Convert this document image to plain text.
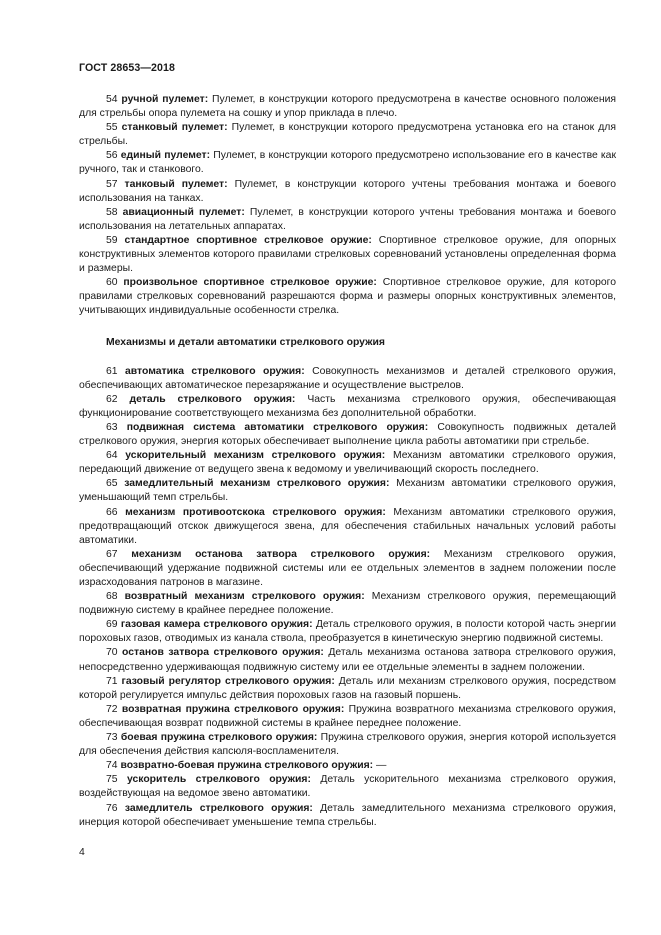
ГОСТ 28653—2018

54 ручной пулемет: Пулемет, в конструкции которого предусмотрена в качестве основного положения для стрельбы опора пулемета на сошку и упор приклада в плечо.

55 станковый пулемет: Пулемет, в конструкции которого предусмотрена установка его на станок для стрельбы.

56 единый пулемет: Пулемет, в конструкции которого предусмотрено использование его в качестве как ручного, так и станкового.

57 танковый пулемет: Пулемет, в конструкции которого учтены требования монтажа и боевого использования на танках.

58 авиационный пулемет: Пулемет, в конструкции которого учтены требования монтажа и боевого использования на летательных аппаратах.

59 стандартное спортивное стрелковое оружие: Спортивное стрелковое оружие, для опорных конструктивных элементов которого правилами стрелковых соревнований установлены определенная форма и размеры.

60 произвольное спортивное стрелковое оружие: Спортивное стрелковое оружие, для которого правилами стрелковых соревнований разрешаются форма и размеры опорных конструктивных элементов, учитывающих индивидуальные особенности стрелка.

Механизмы и детали автоматики стрелкового оружия

61 автоматика стрелкового оружия: Совокупность механизмов и деталей стрелкового оружия, обеспечивающих автоматическое перезаряжание и осуществление выстрелов.

62 деталь стрелкового оружия: Часть механизма стрелкового оружия, обеспечивающая функционирование соответствующего механизма без дополнительной обработки.

63 подвижная система автоматики стрелкового оружия: Совокупность подвижных деталей стрелкового оружия, энергия которых обеспечивает выполнение цикла работы автоматики при стрельбе.

64 ускорительный механизм стрелкового оружия: Механизм автоматики стрелкового оружия, передающий движение от ведущего звена к ведомому и увеличивающий скорость последнего.

65 замедлительный механизм стрелкового оружия: Механизм автоматики стрелкового оружия, уменьшающий темп стрельбы.

66 механизм противоотскока стрелкового оружия: Механизм автоматики стрелкового оружия, предотвращающий отскок движущегося звена, для обеспечения стабильных начальных условий работы автоматики.

67 механизм останова затвора стрелкового оружия: Механизм стрелкового оружия, обеспечивающий удержание подвижной системы или ее отдельных элементов в заднем положении после израсходования патронов в магазине.

68 возвратный механизм стрелкового оружия: Механизм стрелкового оружия, перемещающий подвижную систему в крайнее переднее положение.

69 газовая камера стрелкового оружия: Деталь стрелкового оружия, в полости которой часть энергии пороховых газов, отводимых из канала ствола, преобразуется в кинетическую энергию подвижной системы.

70 останов затвора стрелкового оружия: Деталь механизма останова затвора стрелкового оружия, непосредственно удерживающая подвижную систему или ее отдельные элементы в заднем положении.

71 газовый регулятор стрелкового оружия: Деталь или механизм стрелкового оружия, посредством которой регулируется импульс действия пороховых газов на газовый поршень.

72 возвратная пружина стрелкового оружия: Пружина возвратного механизма стрелкового оружия, обеспечивающая возврат подвижной системы в крайнее переднее положение.

73 боевая пружина стрелкового оружия: Пружина стрелкового оружия, энергия которой используется для обеспечения действия капсюля-воспламенителя.

74 возвратно-боевая пружина стрелкового оружия: —

75 ускоритель стрелкового оружия: Деталь ускорительного механизма стрелкового оружия, воздействующая на ведомое звено автоматики.

76 замедлитель стрелкового оружия: Деталь замедлительного механизма стрелкового оружия, инерция которой обеспечивает уменьшение темпа стрельбы.

4
